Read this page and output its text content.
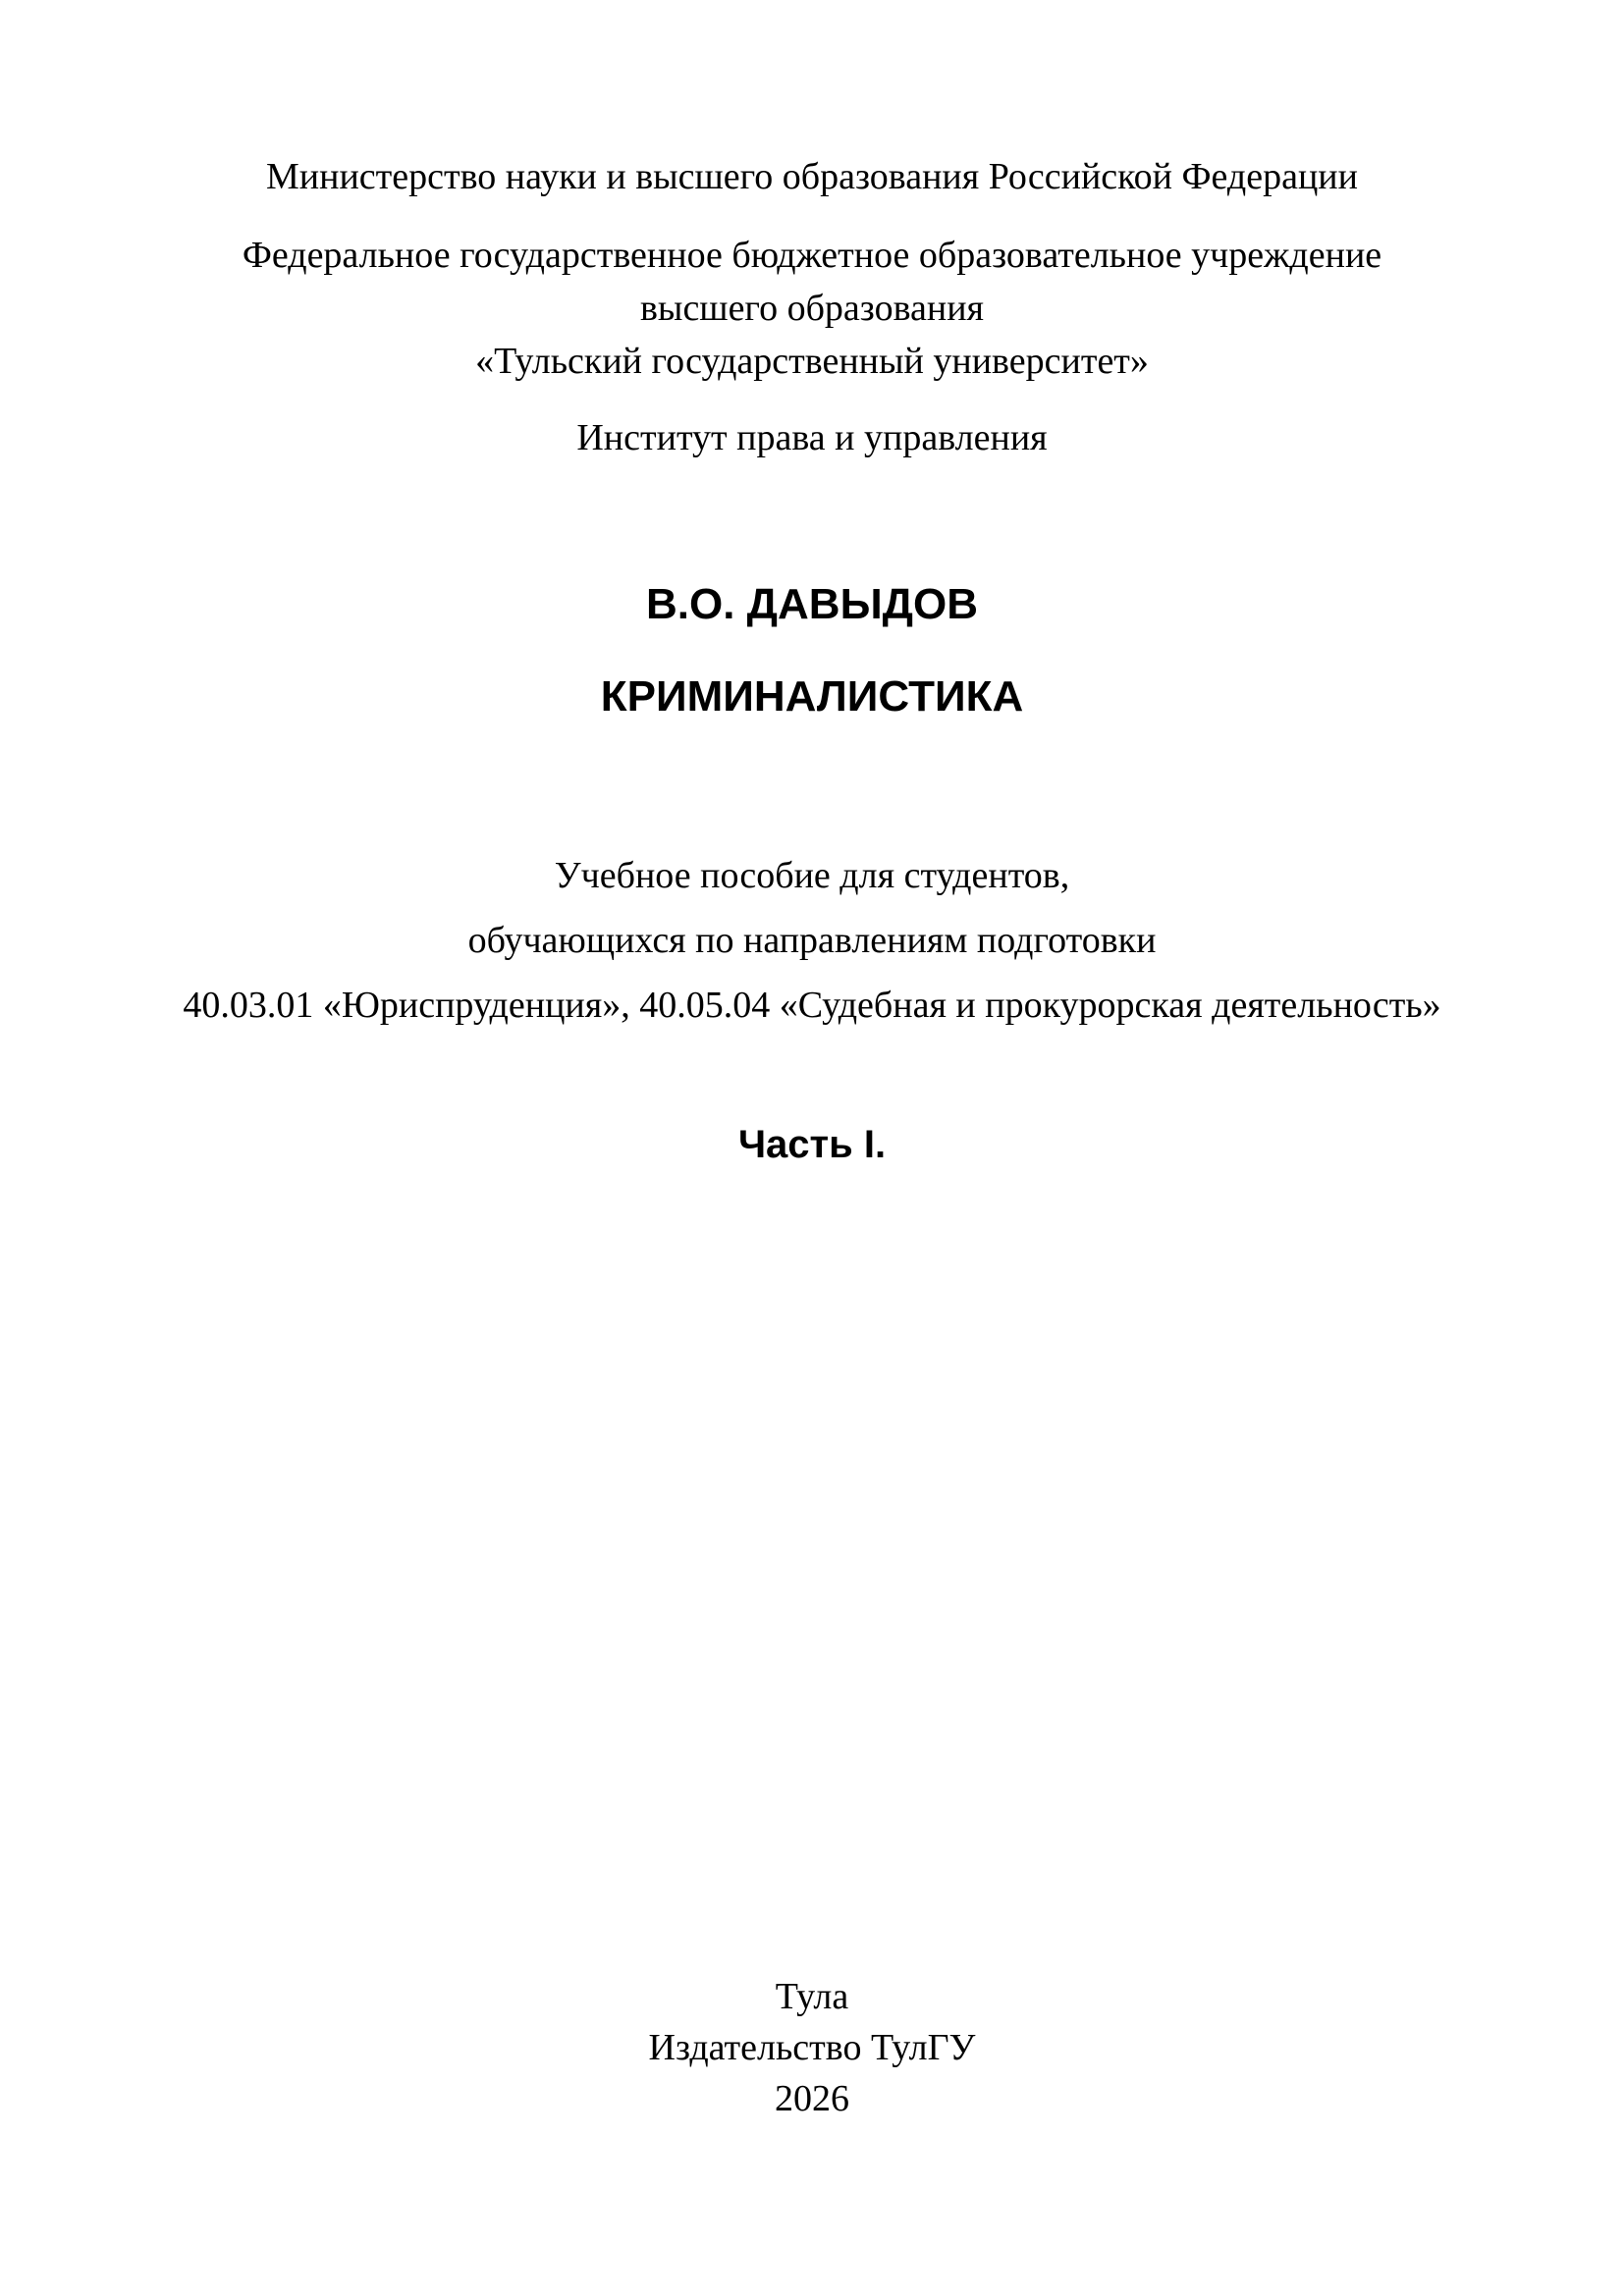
Министерство науки и высшего образования Российской Федерации
Федеральное государственное бюджетное образовательное учреждение
высшего образования
«Тульский государственный университет»
Институт права и управления
В.О. ДАВЫДОВ
КРИМИНАЛИСТИКА
Учебное пособие для студентов,
обучающихся по направлениям подготовки
40.03.01 «Юриспруденция», 40.05.04 «Судебная и прокурорская деятельность»
Часть I.
Тула
Издательство ТулГУ
2026
